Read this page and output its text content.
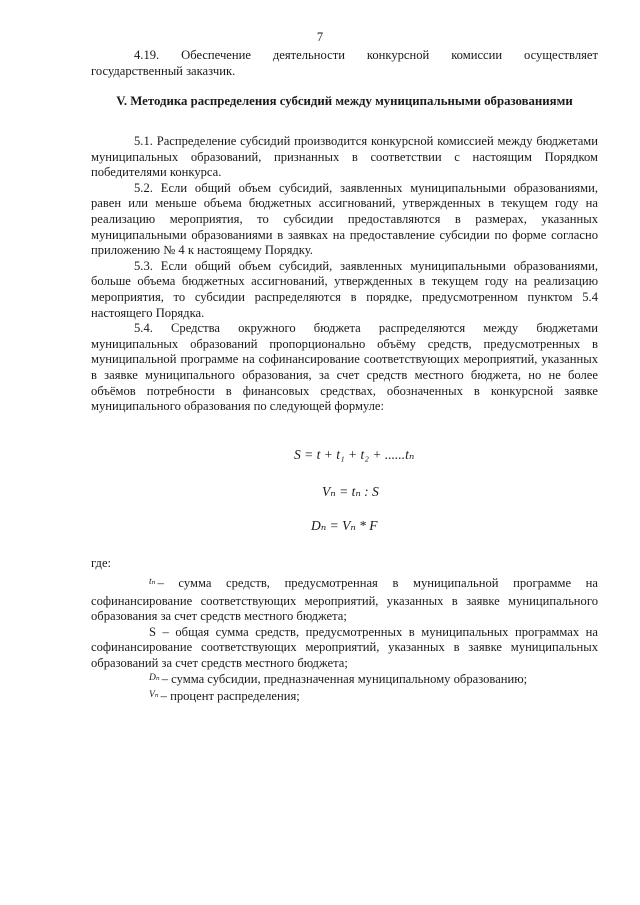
7

4.19. Обеспечение деятельности конкурсной комиссии осуществляет государственный заказчик.

V. Методика распределения субсидий между муниципальными образованиями

5.1. Распределение субсидий производится конкурсной комиссией между бюджетами муниципальных образований, признанных в соответствии с настоящим Порядком победителями конкурса.

5.2. Если общий объем субсидий, заявленных муниципальными образованиями, равен или меньше объема бюджетных ассигнований, утвержденных в текущем году на реализацию мероприятия, то субсидии предоставляются в размерах, указанных муниципальными образованиями в заявках на предоставление субсидии по форме согласно приложению № 4 к настоящему Порядку.

5.3. Если общий объем субсидий, заявленных муниципальными образованиями, больше объема бюджетных ассигнований, утвержденных в текущем году на реализацию мероприятия, то субсидии распределяются в порядке, предусмотренном пунктом 5.4 настоящего Порядка.

5.4. Средства окружного бюджета распределяются между бюджетами муниципальных образований пропорционально объёму средств, предусмотренных в муниципальной программе на софинансирование соответствующих мероприятий, указанных в заявке муниципального образования, за счет средств местного бюджета, но не более объёмов потребности в финансовых средствах, обозначенных в конкурсной заявке муниципального образования по следующей формуле:

S = t + t₁ + t₂ + ......tₙ
Vₙ = tₙ : S
Dₙ = Vₙ * F
где:

$^{t_n}$ – сумма средств, предусмотренная в муниципальной программе на софинансирование соответствующих мероприятий, указанных в заявке муниципального образования за счет средств местного бюджета;

S – общая сумма средств, предусмотренных в муниципальных программах на софинансирование соответствующих мероприятий, указанных в заявке муниципальных образований за счет средств местного бюджета;

$^{D_n}$ – сумма субсидии, предназначенная муниципальному образованию;

$^{V_n}$ – процент распределения;
